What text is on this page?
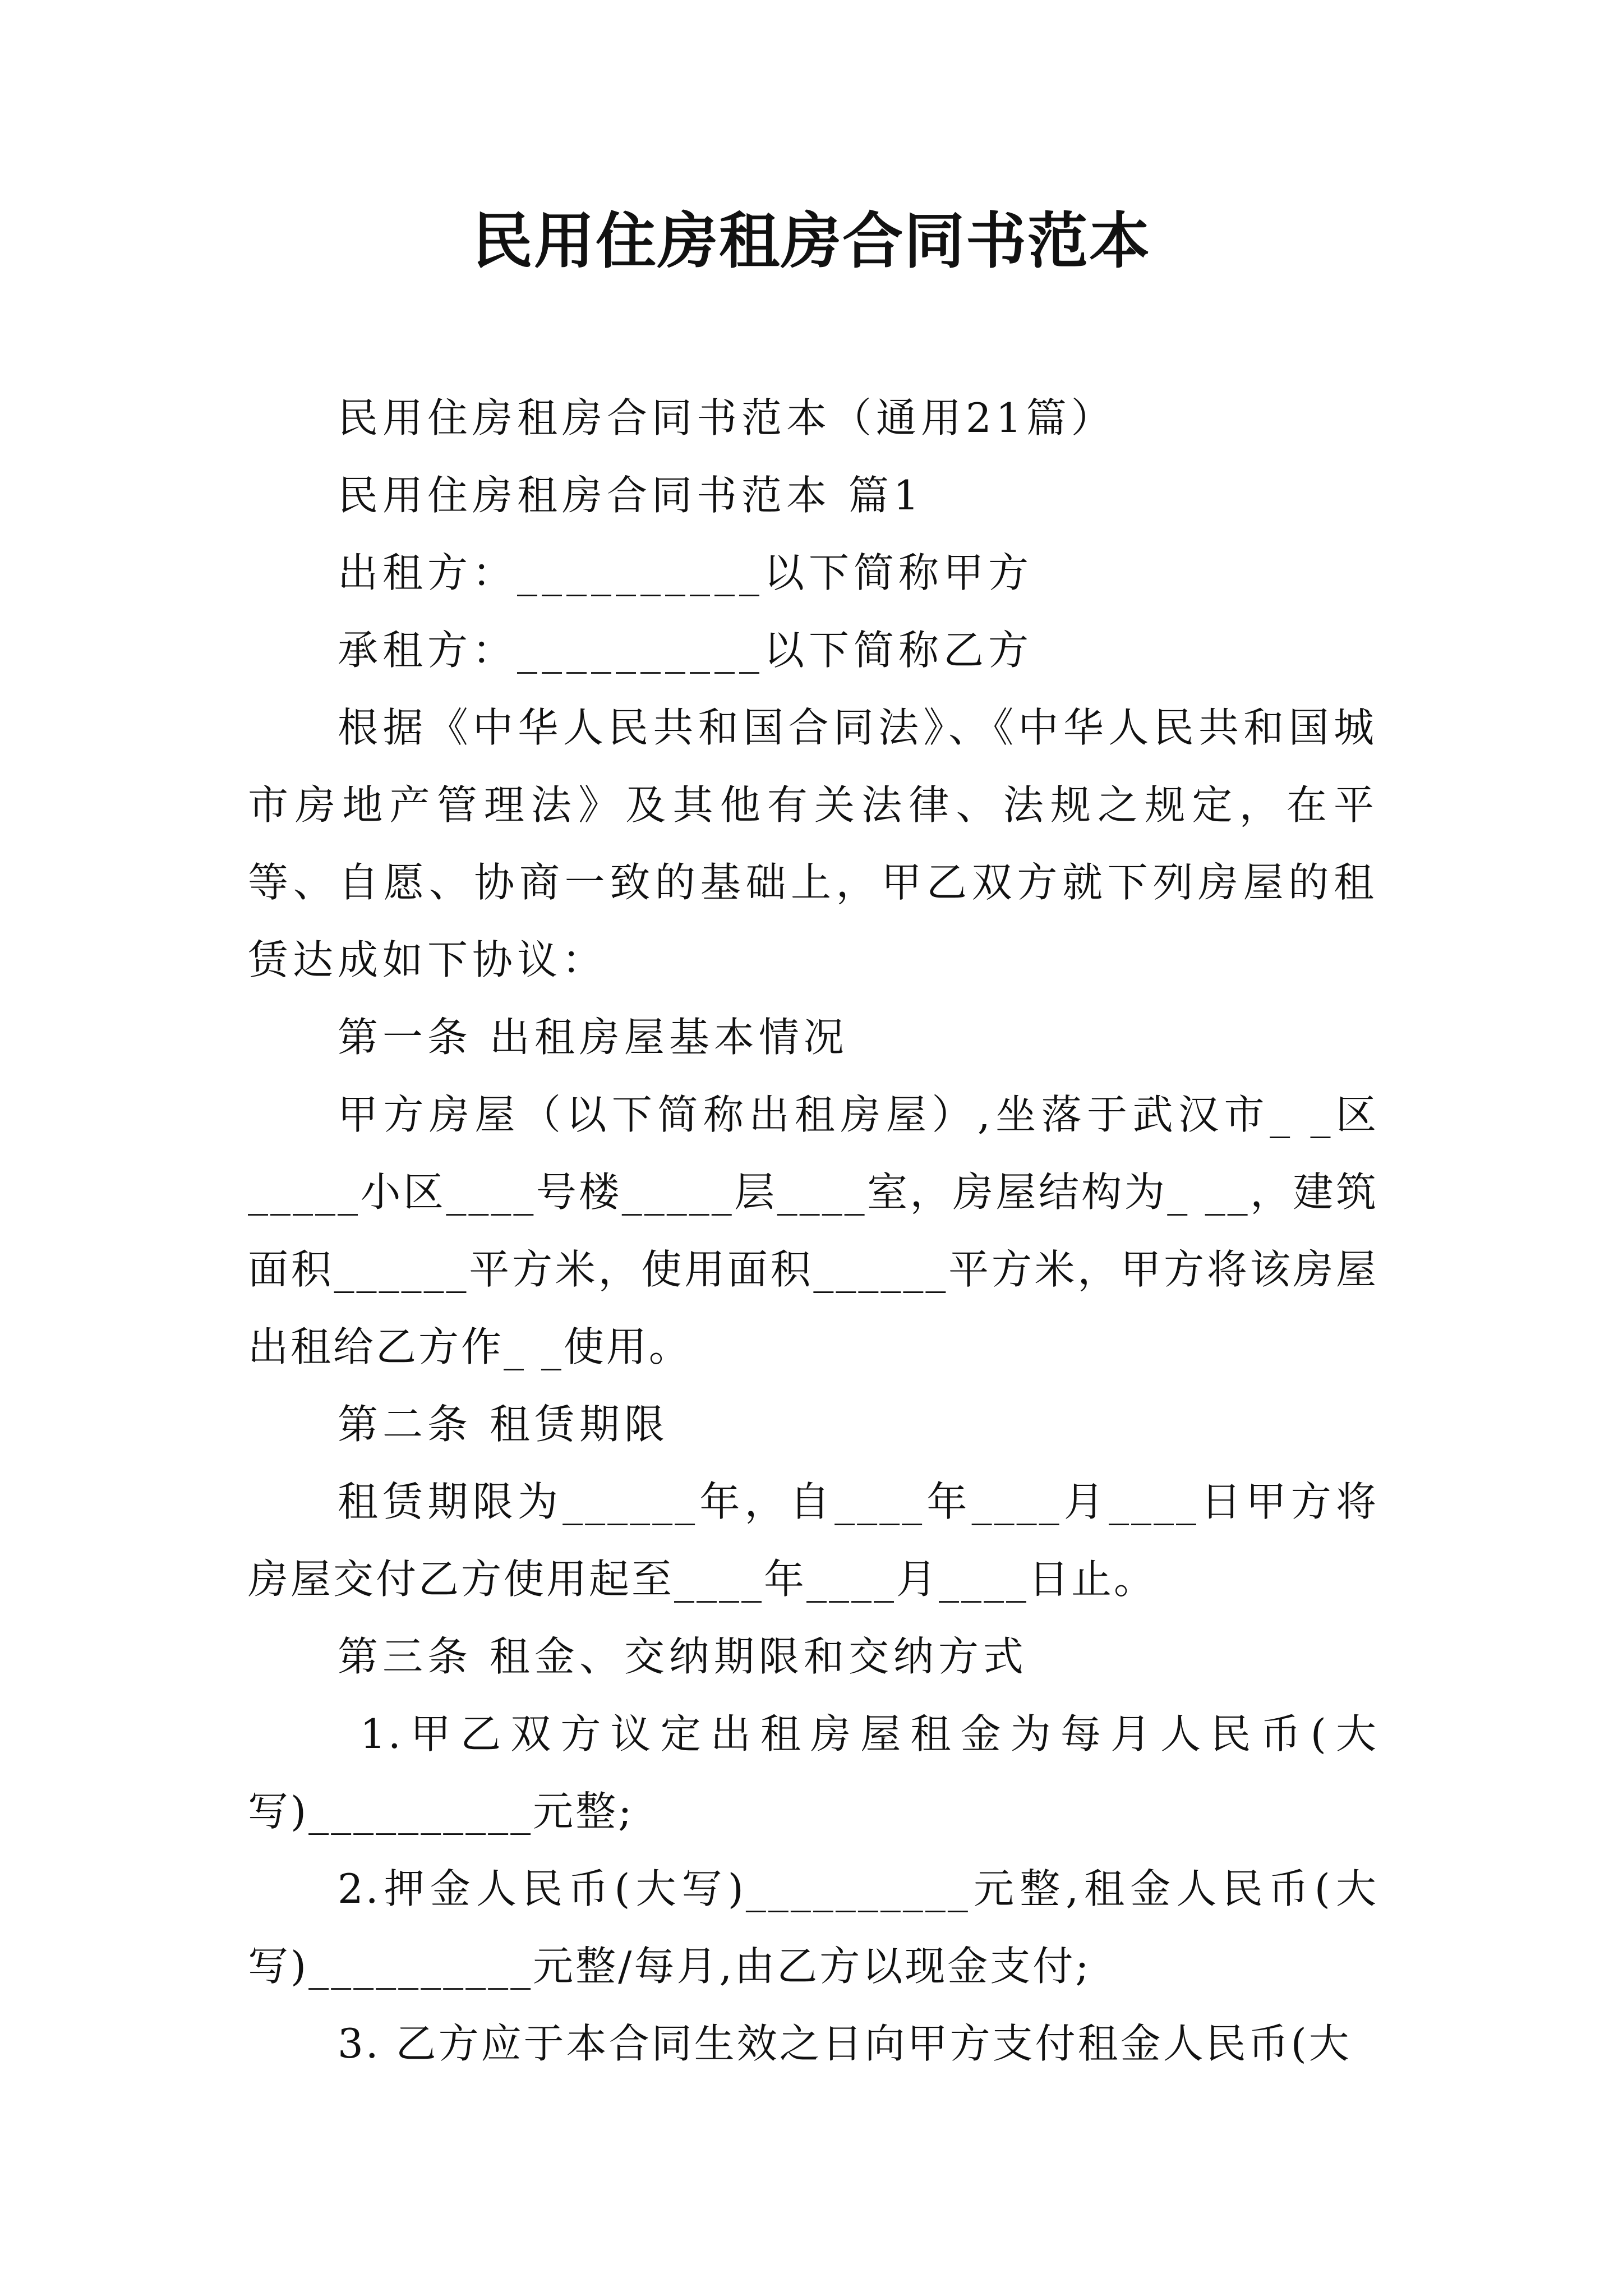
民用住房租房合同书范本

民用住房租房合同书范本（通用21篇）

民用住房租房合同书范本 篇1

出租方：__________以下简称甲方

承租方：__________以下简称乙方

根据《中华人民共和国合同法》、《中华人民共和国城市房地产管理法》及其他有关法律、法规之规定，在平等、自愿、协商一致的基础上，甲乙双方就下列房屋的租赁达成如下协议：

第一条 出租房屋基本情况

甲方房屋（以下简称出租房屋）,坐落于武汉市_ _区_____小区____号楼_____层____室，房屋结构为_ __，建筑面积______平方米，使用面积______平方米，甲方将该房屋出租给乙方作_ _使用。

第二条 租赁期限

租赁期限为______年，自____年____月____日甲方将房屋交付乙方使用起至____年____月____日止。

第三条 租金、交纳期限和交纳方式

1.甲乙双方议定出租房屋租金为每月人民币(大写)__________元整;

2.押金人民币(大写)__________元整,租金人民币(大写)__________元整/每月,由乙方以现金支付;

3. 乙方应于本合同生效之日向甲方支付租金人民币(大
